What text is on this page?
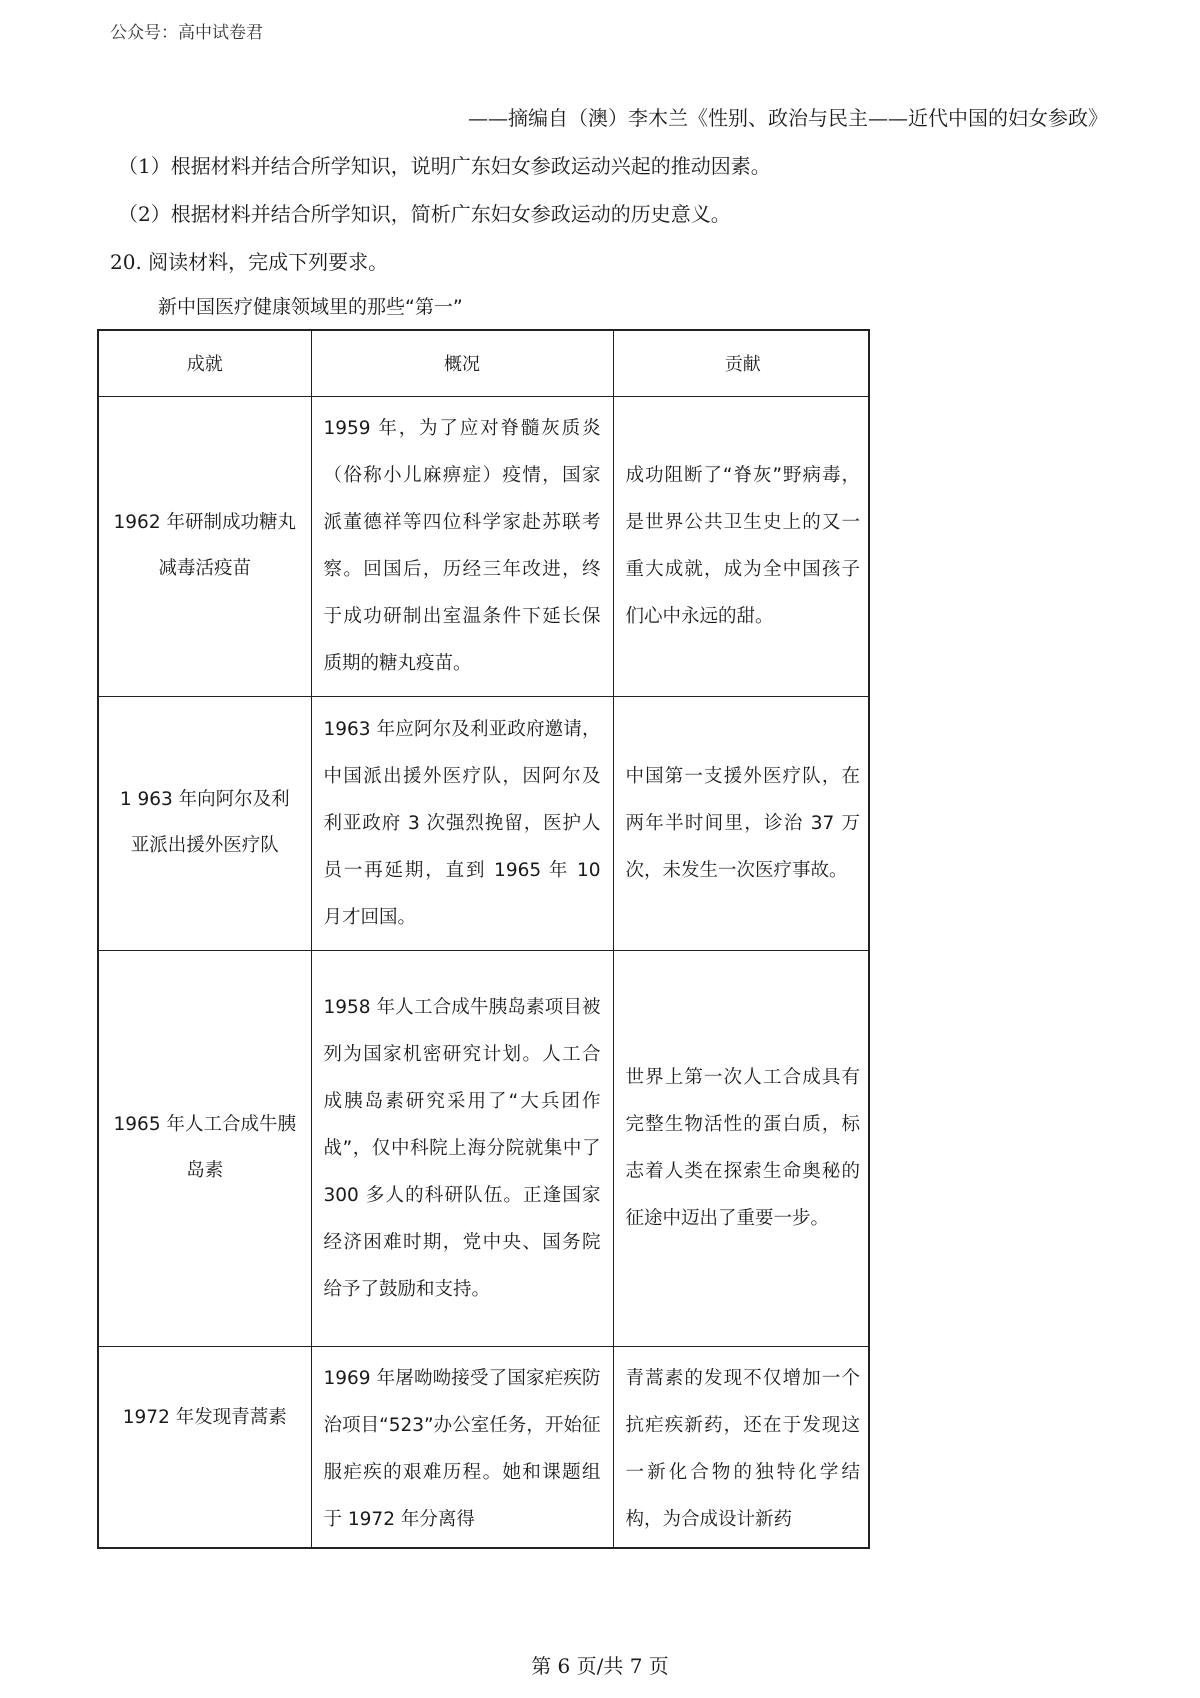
公众号：高中试卷君
——摘编自（澳）李木兰《性别、政治与民主——近代中国的妇女参政》
（1）根据材料并结合所学知识，说明广东妇女参政运动兴起的推动因素。
（2）根据材料并结合所学知识，简析广东妇女参政运动的历史意义。
20. 阅读材料，完成下列要求。
新中国医疗健康领域里的那些“第一”
成就	概况	贡献
1962 年研制成功糖丸减毒活疫苗	1959 年，为了应对脊髓灰质炎（俗称小儿麻痹症）疫情，国家派董德祥等四位科学家赴苏联考察。回国后，历经三年改进，终于成功研制出室温条件下延长保质期的糖丸疫苗。	成功阻断了“脊灰”野病毒，是世界公共卫生史上的又一重大成就，成为全中国孩子们心中永远的甜。
1 963 年向阿尔及利亚派出援外医疗队	1963 年应阿尔及利亚政府邀请，中国派出援外医疗队，因阿尔及利亚政府 3 次强烈挽留，医护人员一再延期，直到 1965 年 10 月才回国。	中国第一支援外医疗队，在两年半时间里，诊治 37 万次，未发生一次医疗事故。
1965 年人工合成牛胰岛素	1958 年人工合成牛胰岛素项目被列为国家机密研究计划。人工合成胰岛素研究采用了“大兵团作战”，仅中科院上海分院就集中了 300 多人的科研队伍。正逢国家经济困难时期，党中央、国务院给予了鼓励和支持。	世界上第一次人工合成具有完整生物活性的蛋白质，标志着人类在探索生命奥秘的征途中迈出了重要一步。
1972 年发现青蒿素	1969 年屠呦呦接受了国家疟疾防治项目“523”办公室任务，开始征服疟疾的艰难历程。她和课题组于 1972 年分离得	青蒿素的发现不仅增加一个抗疟疾新药，还在于发现这一新化合物的独特化学结构，为合成设计新药
第 6 页/共 7 页
